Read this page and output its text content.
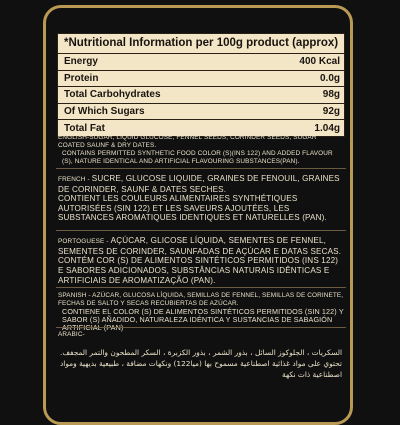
*Nutritional Information per 100g product (approx)
Energy	400 Kcal
Protein	0.0g
Total Carbohydrates	98g
Of Which Sugars	92g
Total Fat	1.04g
ENGLISH-SUGAR, LIQUID GLUCOSE, FENNEL SEEDS, CORINDER SEEDS, SUGAR COATED SAUNF & DRY DATES.
CONTAINS PERMITTED SYNTHETIC FOOD COLOR (S)(INS 122) AND ADDED FLAVOUR (S), NATURE IDENTICAL AND ARTIFICIAL FLAVOURING SUBSTANCES(PAN).
FRENCH - SUCRE, GLUCOSE LIQUIDE, GRAINES DE FENOUIL, GRAINES DE CORINDER, SAUNF & DATES SECHES.
CONTIENT LES COULEURS ALIMENTAIRES SYNTHÉTIQUES AUTORISÉES (SIN 122) ET LES SAVEURS AJOUTÉES, LES SUBSTANCES AROMATIQUES IDENTIQUES ET NATURELLES (PAN).
PORTOGUESE - AÇÚCAR, GLICOSE LÍQUIDA, SEMENTES DE FENNEL, SEMENTES DE CORINDER, SAUNFADAS DE AÇÚCAR E DATAS SECAS.
CONTÉM COR (S) DE ALIMENTOS SINTÉTICOS PERMITIDOS (INS 122) E SABORES ADICIONADOS, SUBSTÂNCIAS NATURAIS IDÊNTICAS E ARTIFICIAIS DE AROMATIZAÇÃO (PAN).
SPANISH - AZÚCAR, GLUCOSA LÍQUIDA, SEMILLAS DE FENNEL, SEMILLAS DE CORINETE, FECHAS DE SALTO Y SECAS RECUBIERTAS DE AZÚCAR.
CONTIENE EL COLOR (S) DE ALIMENTOS SINTÉTICOS PERMITIDOS (SIN 122) Y SABOR (S) AÑADIDO, NATURALEZA IDÉNTICA Y SUSTANCIAS DE SABAGIÓN
ARABIC-
السكريات ، الجلوكوز السائل ، بذور الشمر ، بذور الكزبرة ، السكر المطحون والتمر المجفف. تحتوي على مواد غذائية اصطناعية مسموح بها (ميا122) ونكهات مضافة ، طبيعية بديهية ومواد اصطناعية ذات نكهة
